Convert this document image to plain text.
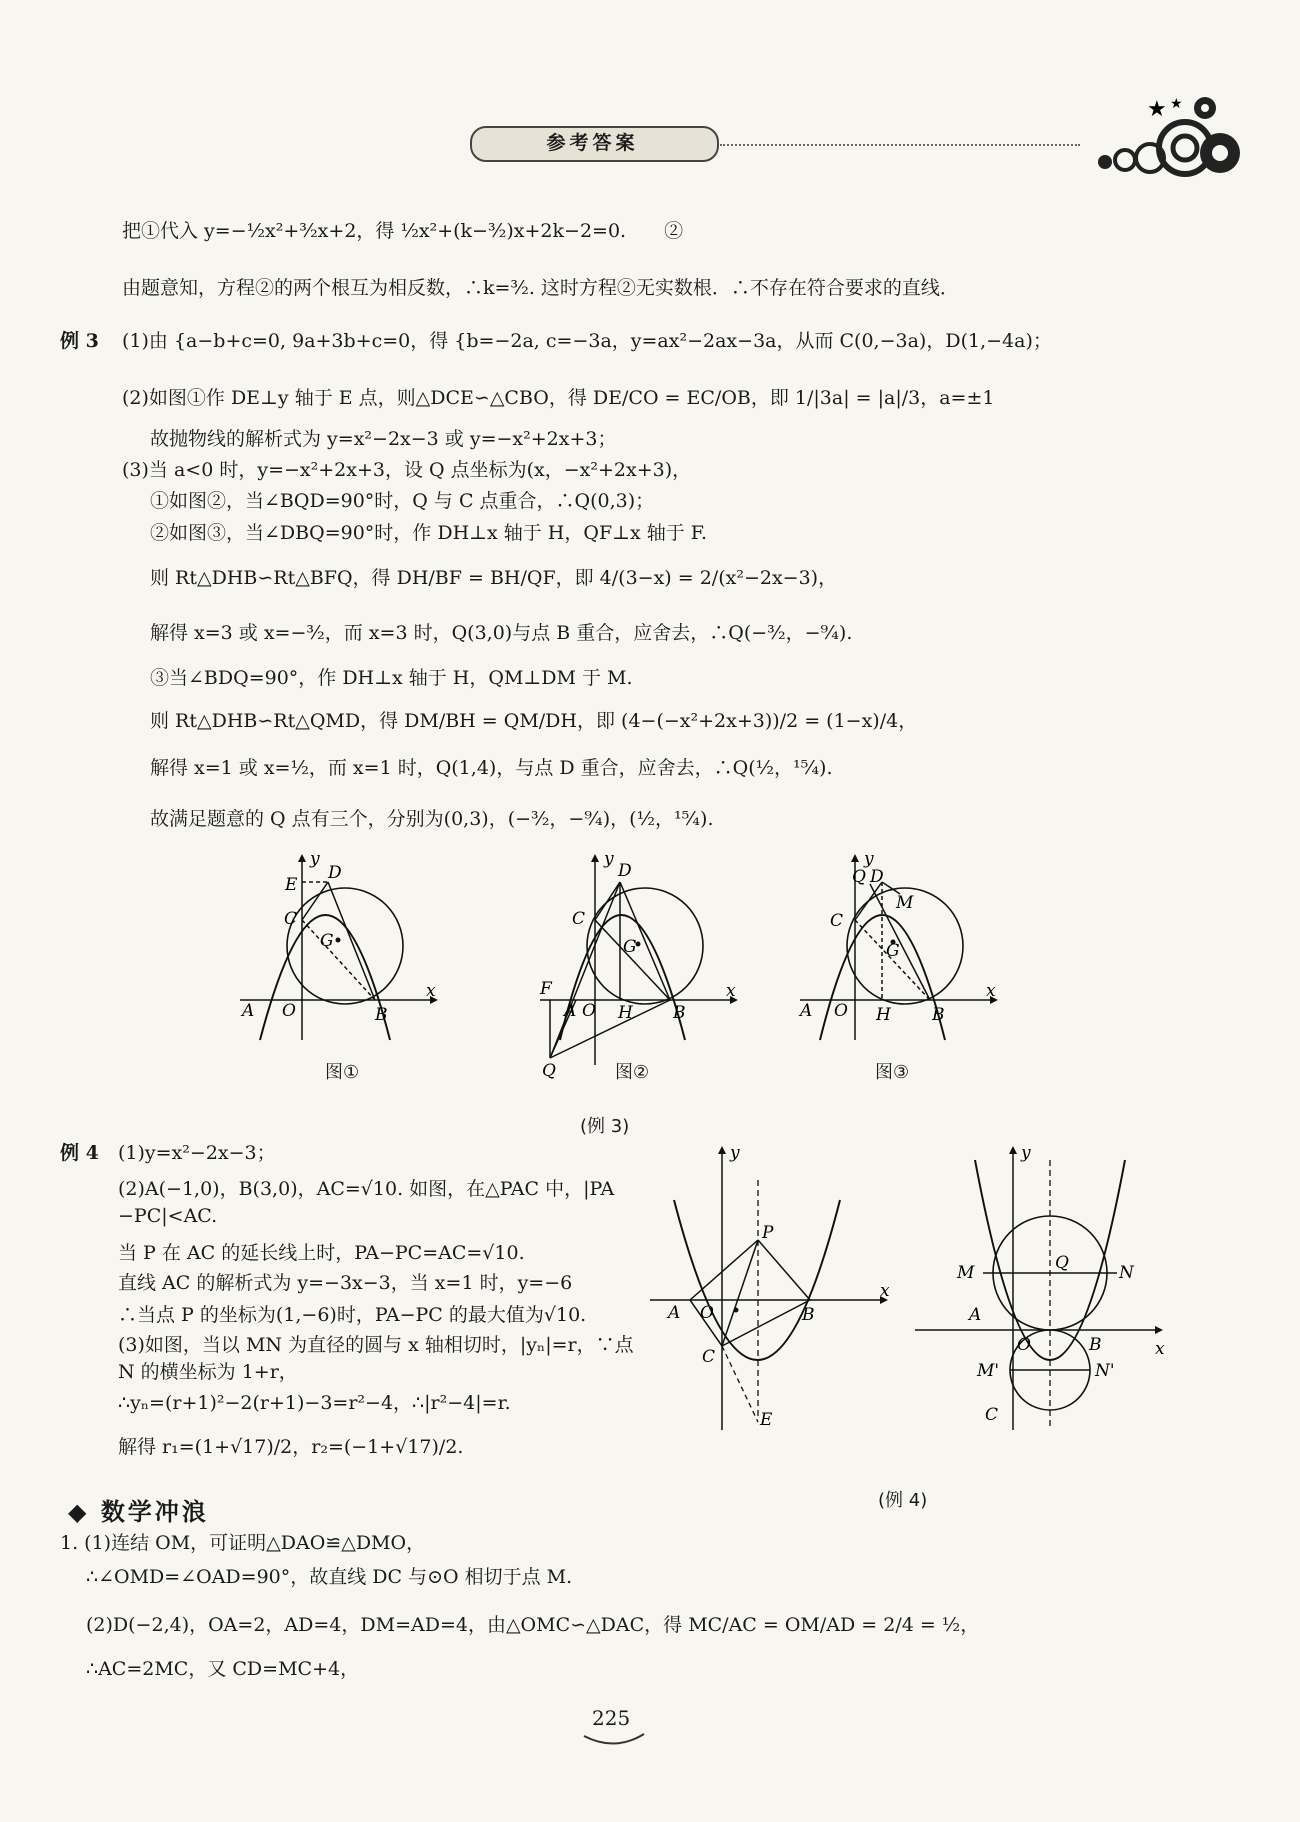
参考答案
★ ★
把①代入 y=−½x²+³⁄₂x+2，得 ½x²+(k−³⁄₂)x+2k−2=0.　　②
由题意知，方程②的两个根互为相反数，∴k=³⁄₂. 这时方程②无实数根．∴不存在符合要求的直线．
例 3 (1)由 {a−b+c=0, 9a+3b+c=0，得 {b=−2a, c=−3a，y=ax²−2ax−3a，从而 C(0,−3a)，D(1,−4a)；
(2)如图①作 DE⊥y 轴于 E 点，则△DCE∽△CBO，得 DE/CO = EC/OB，即 1/|3a| = |a|/3，a=±1
故抛物线的解析式为 y=x²−2x−3 或 y=−x²+2x+3；
(3)当 a<0 时，y=−x²+2x+3，设 Q 点坐标为(x，−x²+2x+3)，
①如图②，当∠BQD=90°时，Q 与 C 点重合，∴Q(0,3)；
②如图③，当∠DBQ=90°时，作 DH⊥x 轴于 H，QF⊥x 轴于 F.
则 Rt△DHB∽Rt△BFQ，得 DH/BF = BH/QF，即 4/(3−x) = 2/(x²−2x−3)，
解得 x=3 或 x=−³⁄₂，而 x=3 时，Q(3,0)与点 B 重合，应舍去，∴Q(−³⁄₂，−⁹⁄₄).
③当∠BDQ=90°，作 DH⊥x 轴于 H，QM⊥DM 于 M.
则 Rt△DHB∽Rt△QMD，得 DM/BH = QM/DH，即 (4−(−x²+2x+3))/2 = (1−x)/4，
解得 x=1 或 x=½，而 x=1 时，Q(1,4)，与点 D 重合，应舍去，∴Q(½，¹⁵⁄₄).
故满足题意的 Q 点有三个，分别为(0,3)，(−³⁄₂，−⁹⁄₄)，(½，¹⁵⁄₄).
A O	B
C
D
E
G
y
x
A O H B
C
D
F
G
Q
y
x
A O H B
C
Q D
M
G
y
x
图①	图②	图③
(例 3)
例 4 (1)y=x²−2x−3；
(2)A(−1,0)，B(3,0)，AC=√10. 如图，在△PAC 中，|PA
−PC|<AC.
当 P 在 AC 的延长线上时，PA−PC=AC=√10.
直线 AC 的解析式为 y=−3x−3，当 x=1 时，y=−6
∴当点 P 的坐标为(1,−6)时，PA−PC 的最大值为√10.
(3)如图，当以 MN 为直径的圆与 x 轴相切时，|yₙ|=r，∵点
N 的横坐标为 1+r，
∴yₙ=(r+1)²−2(r+1)−3=r²−4，∴|r²−4|=r.
解得 r₁=(1+√17)/2，r₂=(−1+√17)/2.
A O	B
C
P
E
y
x
M	Q	N
A
O	B
M'	N'
C
y
x
(例 4)
◆ 数学冲浪
1. (1)连结 OM，可证明△DAO≌△DMO，
∴∠OMD=∠OAD=90°，故直线 DC 与⊙O 相切于点 M.
(2)D(−2,4)，OA=2，AD=4，DM=AD=4，由△OMC∽△DAC，得 MC/AC = OM/AD = 2/4 = ½，
∴AC=2MC，又 CD=MC+4，
225
